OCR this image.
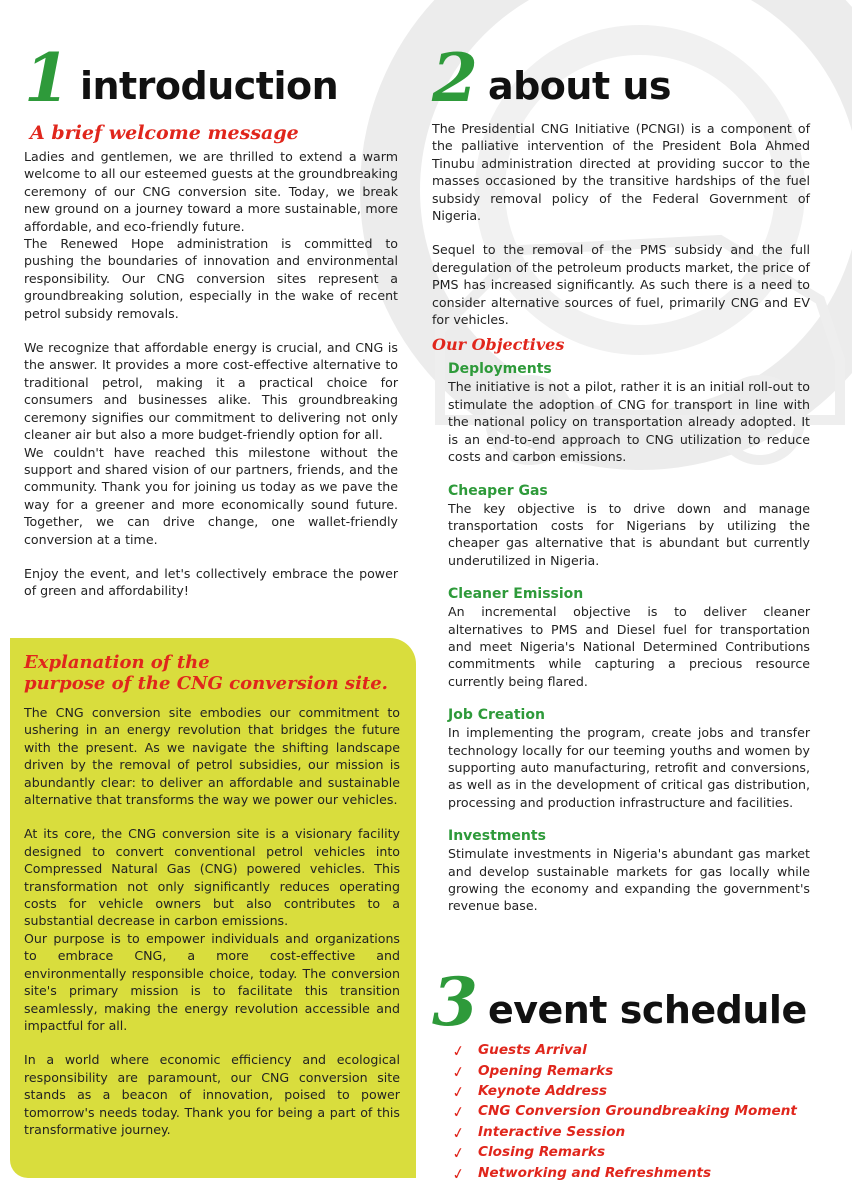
1 introduction
A brief welcome message

Ladies and gentlemen, we are thrilled to extend a warm welcome to all our esteemed guests at the groundbreaking ceremony of our CNG conversion site. Today, we break new ground on a journey toward a more sustainable, more affordable, and eco-friendly future.

The Renewed Hope administration is committed to pushing the boundaries of innovation and environmental responsibility. Our CNG conversion sites represent a groundbreaking solution, especially in the wake of recent petrol subsidy removals.

We recognize that affordable energy is crucial, and CNG is the answer. It provides a more cost-effective alternative to traditional petrol, making it a practical choice for consumers and businesses alike. This groundbreaking ceremony signifies our commitment to delivering not only cleaner air but also a more budget-friendly option for all.

We couldn't have reached this milestone without the support and shared vision of our partners, friends, and the community. Thank you for joining us today as we pave the way for a greener and more economically sound future. Together, we can drive change, one wallet-friendly conversion at a time.

Enjoy the event, and let's collectively embrace the power of green and affordability!

Explanation of the
purpose of the CNG conversion site.

The CNG conversion site embodies our commitment to ushering in an energy revolution that bridges the future with the present. As we navigate the shifting landscape driven by the removal of petrol subsidies, our mission is abundantly clear: to deliver an affordable and sustainable alternative that transforms the way we power our vehicles.

At its core, the CNG conversion site is a visionary facility designed to convert conventional petrol vehicles into Compressed Natural Gas (CNG) powered vehicles. This transformation not only significantly reduces operating costs for vehicle owners but also contributes to a substantial decrease in carbon emissions.

Our purpose is to empower individuals and organizations to embrace CNG, a more cost-effective and environmentally responsible choice, today. The conversion site's primary mission is to facilitate this transition seamlessly, making the energy revolution accessible and impactful for all.

In a world where economic efficiency and ecological responsibility are paramount, our CNG conversion site stands as a beacon of innovation, poised to power tomorrow's needs today. Thank you for being a part of this transformative journey.

2 about us

The Presidential CNG Initiative (PCNGI) is a component of the palliative intervention of the President Bola Ahmed Tinubu administration directed at providing succor to the masses occasioned by the transitive hardships of the fuel subsidy removal policy of the Federal Government of Nigeria.

Sequel to the removal of the PMS subsidy and the full deregulation of the petroleum products market, the price of PMS has increased significantly. As such there is a need to consider alternative sources of fuel, primarily CNG and EV for vehicles.

Our Objectives
Deployments

The initiative is not a pilot, rather it is an initial roll-out to stimulate the adoption of CNG for transport in line with the national policy on transportation already adopted. It is an end-to-end approach to CNG utilization to reduce costs and carbon emissions.

Cheaper Gas

The key objective is to drive down and manage transportation costs for Nigerians by utilizing the cheaper gas alternative that is abundant but currently underutilized in Nigeria.

Cleaner Emission

An incremental objective is to deliver cleaner alternatives to PMS and Diesel fuel for transportation and meet Nigeria's National Determined Contributions commitments while capturing a precious resource currently being flared.

Job Creation

In implementing the program, create jobs and transfer technology locally for our teeming youths and women by supporting auto manufacturing, retrofit and conversions, as well as in the development of critical gas distribution, processing and production infrastructure and facilities.

Investments

Stimulate investments in Nigeria's abundant gas market and develop sustainable markets for gas locally while growing the economy and expanding the government's revenue base.

3 event schedule
✓ Guests Arrival
✓ Opening Remarks
✓ Keynote Address
✓ CNG Conversion Groundbreaking Moment
✓ Interactive Session
✓ Closing Remarks
✓ Networking and Refreshments
